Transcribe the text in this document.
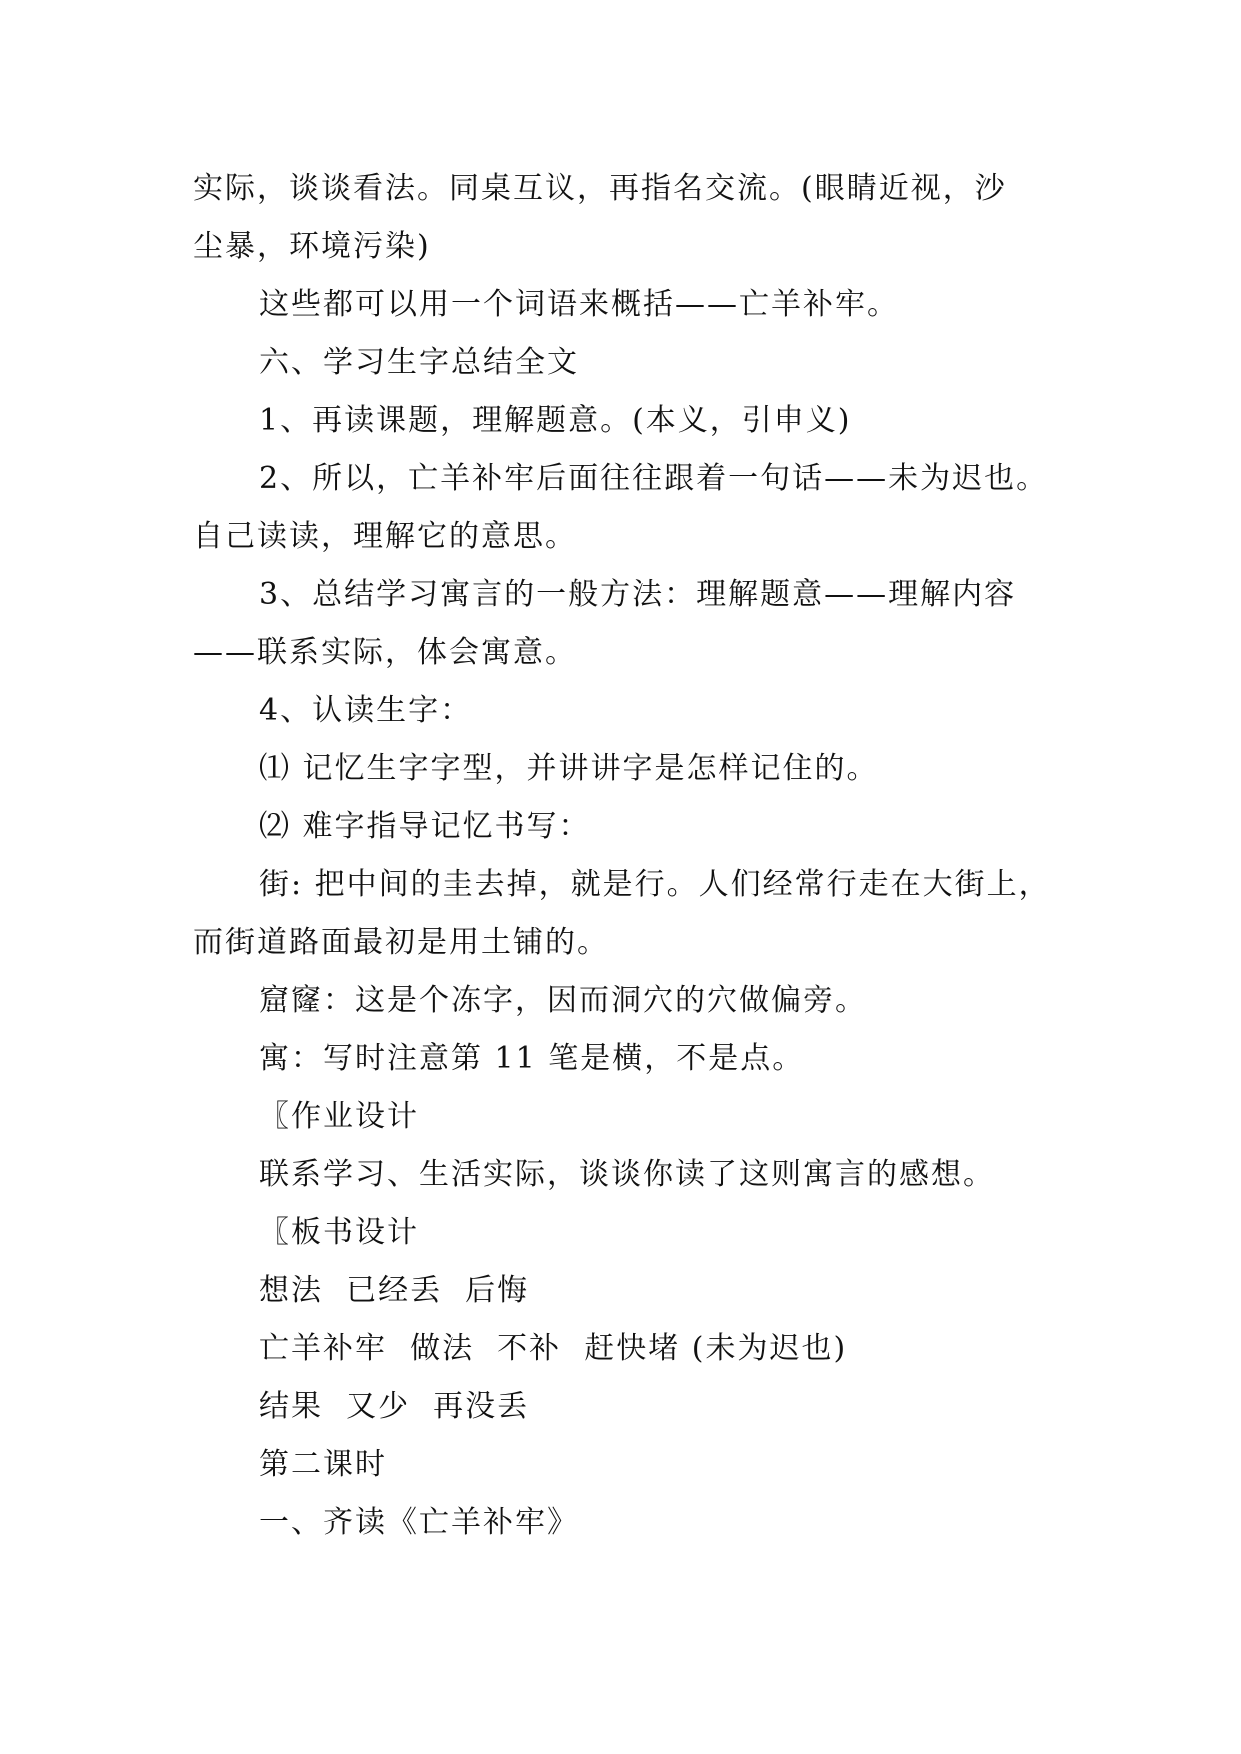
实际，谈谈看法。同桌互议，再指名交流。(眼睛近视，沙
尘暴，环境污染)
这些都可以用一个词语来概括——亡羊补牢。
六、学习生字总结全文
1、再读课题，理解题意。(本义，引申义)
2、所以，亡羊补牢后面往往跟着一句话——未为迟也。
自己读读，理解它的意思。
3、总结学习寓言的一般方法：理解题意——理解内容
——联系实际，体会寓意。
4、认读生字：
⑴ 记忆生字字型，并讲讲字是怎样记住的。
⑵ 难字指导记忆书写：
街: 把中间的圭去掉，就是行。人们经常行走在大街上，
而街道路面最初是用土铺的。
窟窿：这是个冻字，因而洞穴的穴做偏旁。
寓：写时注意第 11 笔是横，不是点。
〖作业设计
联系学习、生活实际，谈谈你读了这则寓言的感想。
〖板书设计
想法  已经丢  后悔
亡羊补牢  做法  不补  赶快堵 (未为迟也)
结果  又少  再没丢
第二课时
一、齐读《亡羊补牢》
